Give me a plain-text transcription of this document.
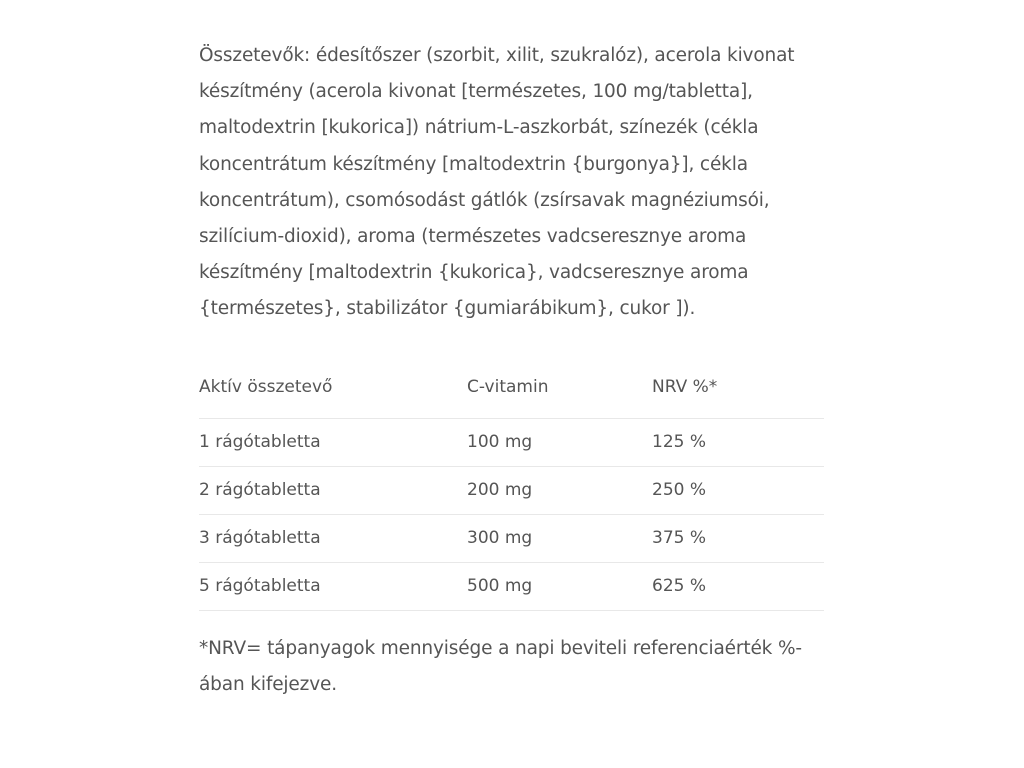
Összetevők: édesítőszer (szorbit, xilit, szukralóz), acerola kivonat készítmény (acerola kivonat [természetes, 100 mg/tabletta], maltodextrin [kukorica]) nátrium-L-aszkorbát, színezék (cékla koncentrátum készítmény [maltodextrin {burgonya}], cékla koncentrátum), csomósodást gátlók (zsírsavak magnéziumsói, szilícium-dioxid), aroma (természetes vadcseresznye aroma készítmény [maltodextrin {kukorica}, vadcseresznye aroma {természetes}, stabilizátor {gumiarábikum}, cukor ]).

Aktív összetevő	C-vitamin	NRV %*
1 rágótabletta	100 mg	125 %
2 rágótabletta	200 mg	250 %
3 rágótabletta	300 mg	375 %
5 rágótabletta	500 mg	625 %

*NRV= tápanyagok mennyisége a napi beviteli referenciaérték %-ában kifejezve.
